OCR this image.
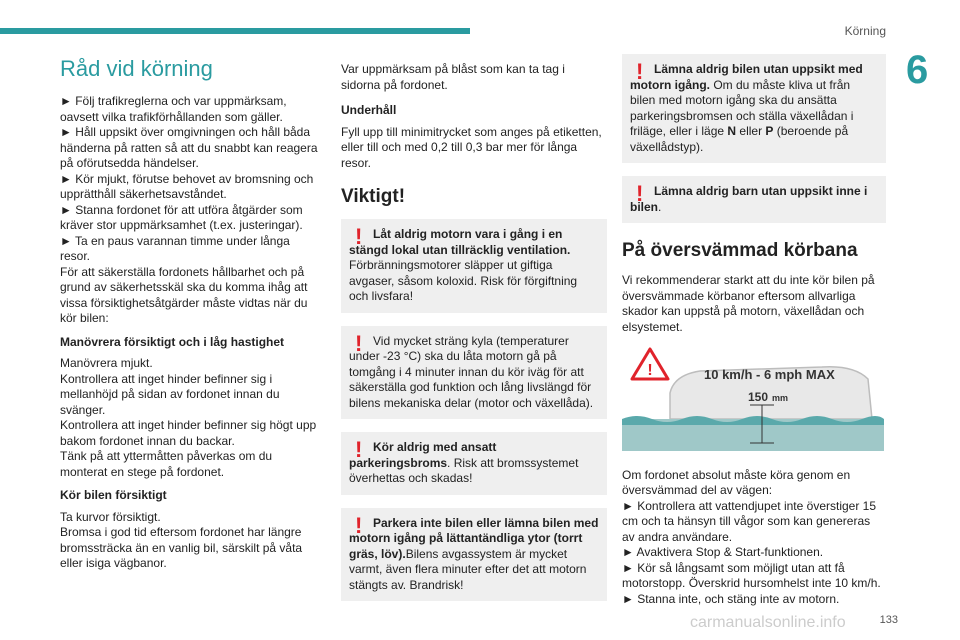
Körning
6
Råd vid körning

► Följ trafikreglerna och var uppmärksam, oavsett vilka trafikförhållanden som gäller.
► Håll uppsikt över omgivningen och håll båda händerna på ratten så att du snabbt kan reagera på oförutsedda händelser.
► Kör mjukt, förutse behovet av bromsning och upprätthåll säkerhetsavståndet.
► Stanna fordonet för att utföra åtgärder som kräver stor uppmärksamhet (t.ex. justeringar).
► Ta en paus varannan timme under långa resor.
För att säkerställa fordonets hållbarhet och på grund av säkerhetsskäl ska du komma ihåg att vissa försiktighetsåtgärder måste vidtas när du kör bilen:

Manövrera försiktigt och i låg hastighet

Manövrera mjukt.
Kontrollera att inget hinder befinner sig i mellanhöjd på sidan av fordonet innan du svänger.
Kontrollera att inget hinder befinner sig högt upp bakom fordonet innan du backar.
Tänk på att yttermåtten påverkas om du monterat en stege på fordonet.

Kör bilen försiktigt

Ta kurvor försiktigt.
Bromsa i god tid eftersom fordonet har längre bromssträcka än en vanlig bil, särskilt på våta eller isiga vägbanor.

Var uppmärksam på blåst som kan ta tag i sidorna på fordonet.

Underhåll

Fyll upp till minimitrycket som anges på etiketten, eller till och med 0,2 till 0,3 bar mer för långa resor.

Viktigt!
! Låt aldrig motorn vara i gång i en stängd lokal utan tillräcklig ventilation. Förbränningsmotorer släpper ut giftiga avgaser, såsom koloxid. Risk för förgiftning och livsfara!
! Vid mycket sträng kyla (temperaturer under -23 °C) ska du låta motorn gå på tomgång i 4 minuter innan du kör iväg för att säkerställa god funktion och lång livslängd för bilens mekaniska delar (motor och växellåda).
! Kör aldrig med ansatt parkeringsbroms. Risk att bromssystemet överhettas och skadas!
! Parkera inte bilen eller lämna bilen med motorn igång på lättantändliga ytor (torrt gräs, löv).Bilens avgassystem är mycket varmt, även flera minuter efter det att motorn stängts av. Brandrisk!
! Lämna aldrig bilen utan uppsikt med motorn igång. Om du måste kliva ut från bilen med motorn igång ska du ansätta parkeringsbromsen och ställa växellådan i friläge, eller i läge N eller P (beroende på växellådstyp).
! Lämna aldrig barn utan uppsikt inne i bilen.
På översvämmad körbana

Vi rekommenderar starkt att du inte kör bilen på översvämmade körbanor eftersom allvarliga skador kan uppstå på motorn, växellådan och elsystemet.

!	10 km/h - 6 mph MAX
150 mm

Om fordonet absolut måste köra genom en översvämmad del av vägen:
► Kontrollera att vattendjupet inte överstiger 15 cm och ta hänsyn till vågor som kan genereras av andra användare.
► Avaktivera Stop & Start-funktionen.
► Kör så långsamt som möjligt utan att få motorstopp. Överskrid hursomhelst inte 10 km/h.
► Stanna inte, och stäng inte av motorn.

carmanualsonline.info	133
